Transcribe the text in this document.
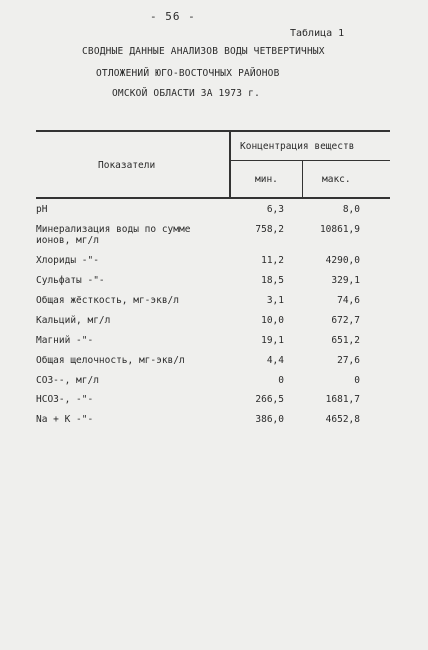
- 56 -
Таблица 1
СВОДНЫЕ ДАННЫЕ АНАЛИЗОВ ВОДЫ ЧЕТВЕРТИЧНЫХ
ОТЛОЖЕНИЙ ЮГО-ВОСТОЧНЫХ РАЙОНОВ
ОМСКОЙ ОБЛАСТИ ЗА 1973 г.
Показатели
Концентрация веществ
мин.	макс.
pH	6,3	8,0
Минерализация воды по сумме
ионов, мг/л
758,2	10861,9
Хлориды -"-	11,2	4290,0
Сульфаты -"-	18,5	329,1
Общая жёсткость, мг-экв/л	3,1	74,6
Кальций, мг/л	10,0	672,7
Магний -"-	19,1	651,2
Общая щелочность, мг-экв/л	4,4	27,6
CO3--, мг/л	0	0
HCO3-, -"-	266,5	1681,7
Na + K -"-	386,0	4652,8
